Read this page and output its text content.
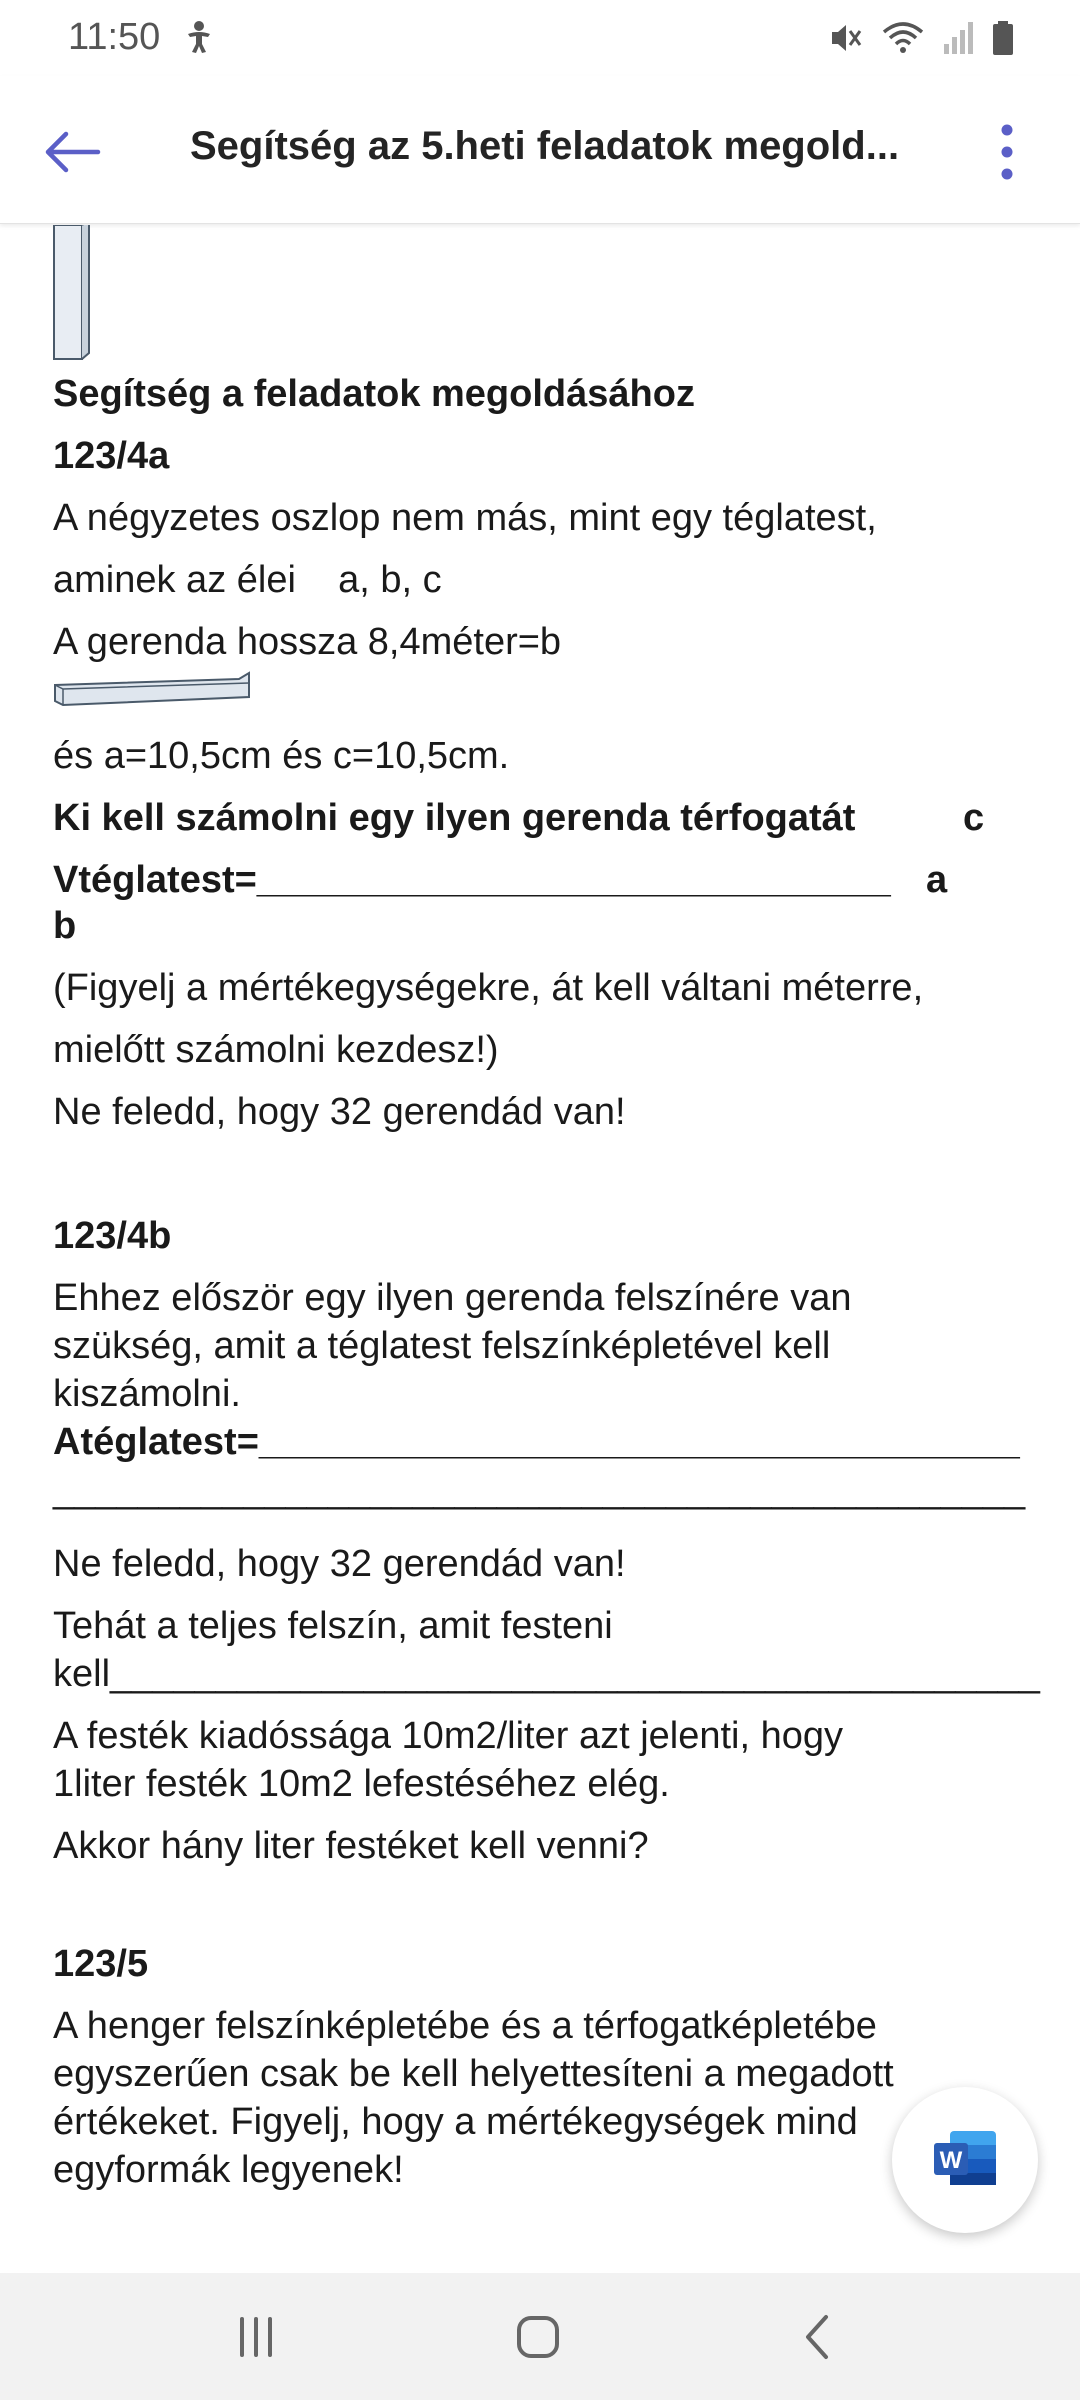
11:50
Segítség az 5.heti feladatok megold...
Segítség a feladatok megoldásához
123/4a
A négyzetes oszlop nem más, mint egy téglatest,
aminek az élei    a, b, c
A gerenda hossza 8,4méter=b
és a=10,5cm és c=10,5cm.
Ki kell számolni egy ilyen gerenda térfogatát	c
Vtéglatest=______________________________ a
b
(Figyelj a mértékegységekre, át kell váltani méterre,
mielőtt számolni kezdesz!)
Ne feledd, hogy 32 gerendád van!
123/4b
Ehhez először egy ilyen gerenda felszínére van
szükség, amit a téglatest felszínképletével kell
kiszámolni.
Atéglatest=____________________________________
______________________________________________
Ne feledd, hogy 32 gerendád van!
Tehát a teljes felszín, amit festeni
kell____________________________________________
A festék kiadóssága 10m2/liter azt jelenti, hogy
1liter festék 10m2 lefestéséhez elég.
Akkor hány liter festéket kell venni?
123/5
A henger felszínképletébe és a térfogatképletébe
egyszerűen csak be kell helyettesíteni a megadott
értékeket. Figyelj, hogy a mértékegységek mind
egyformák legyenek!	W
